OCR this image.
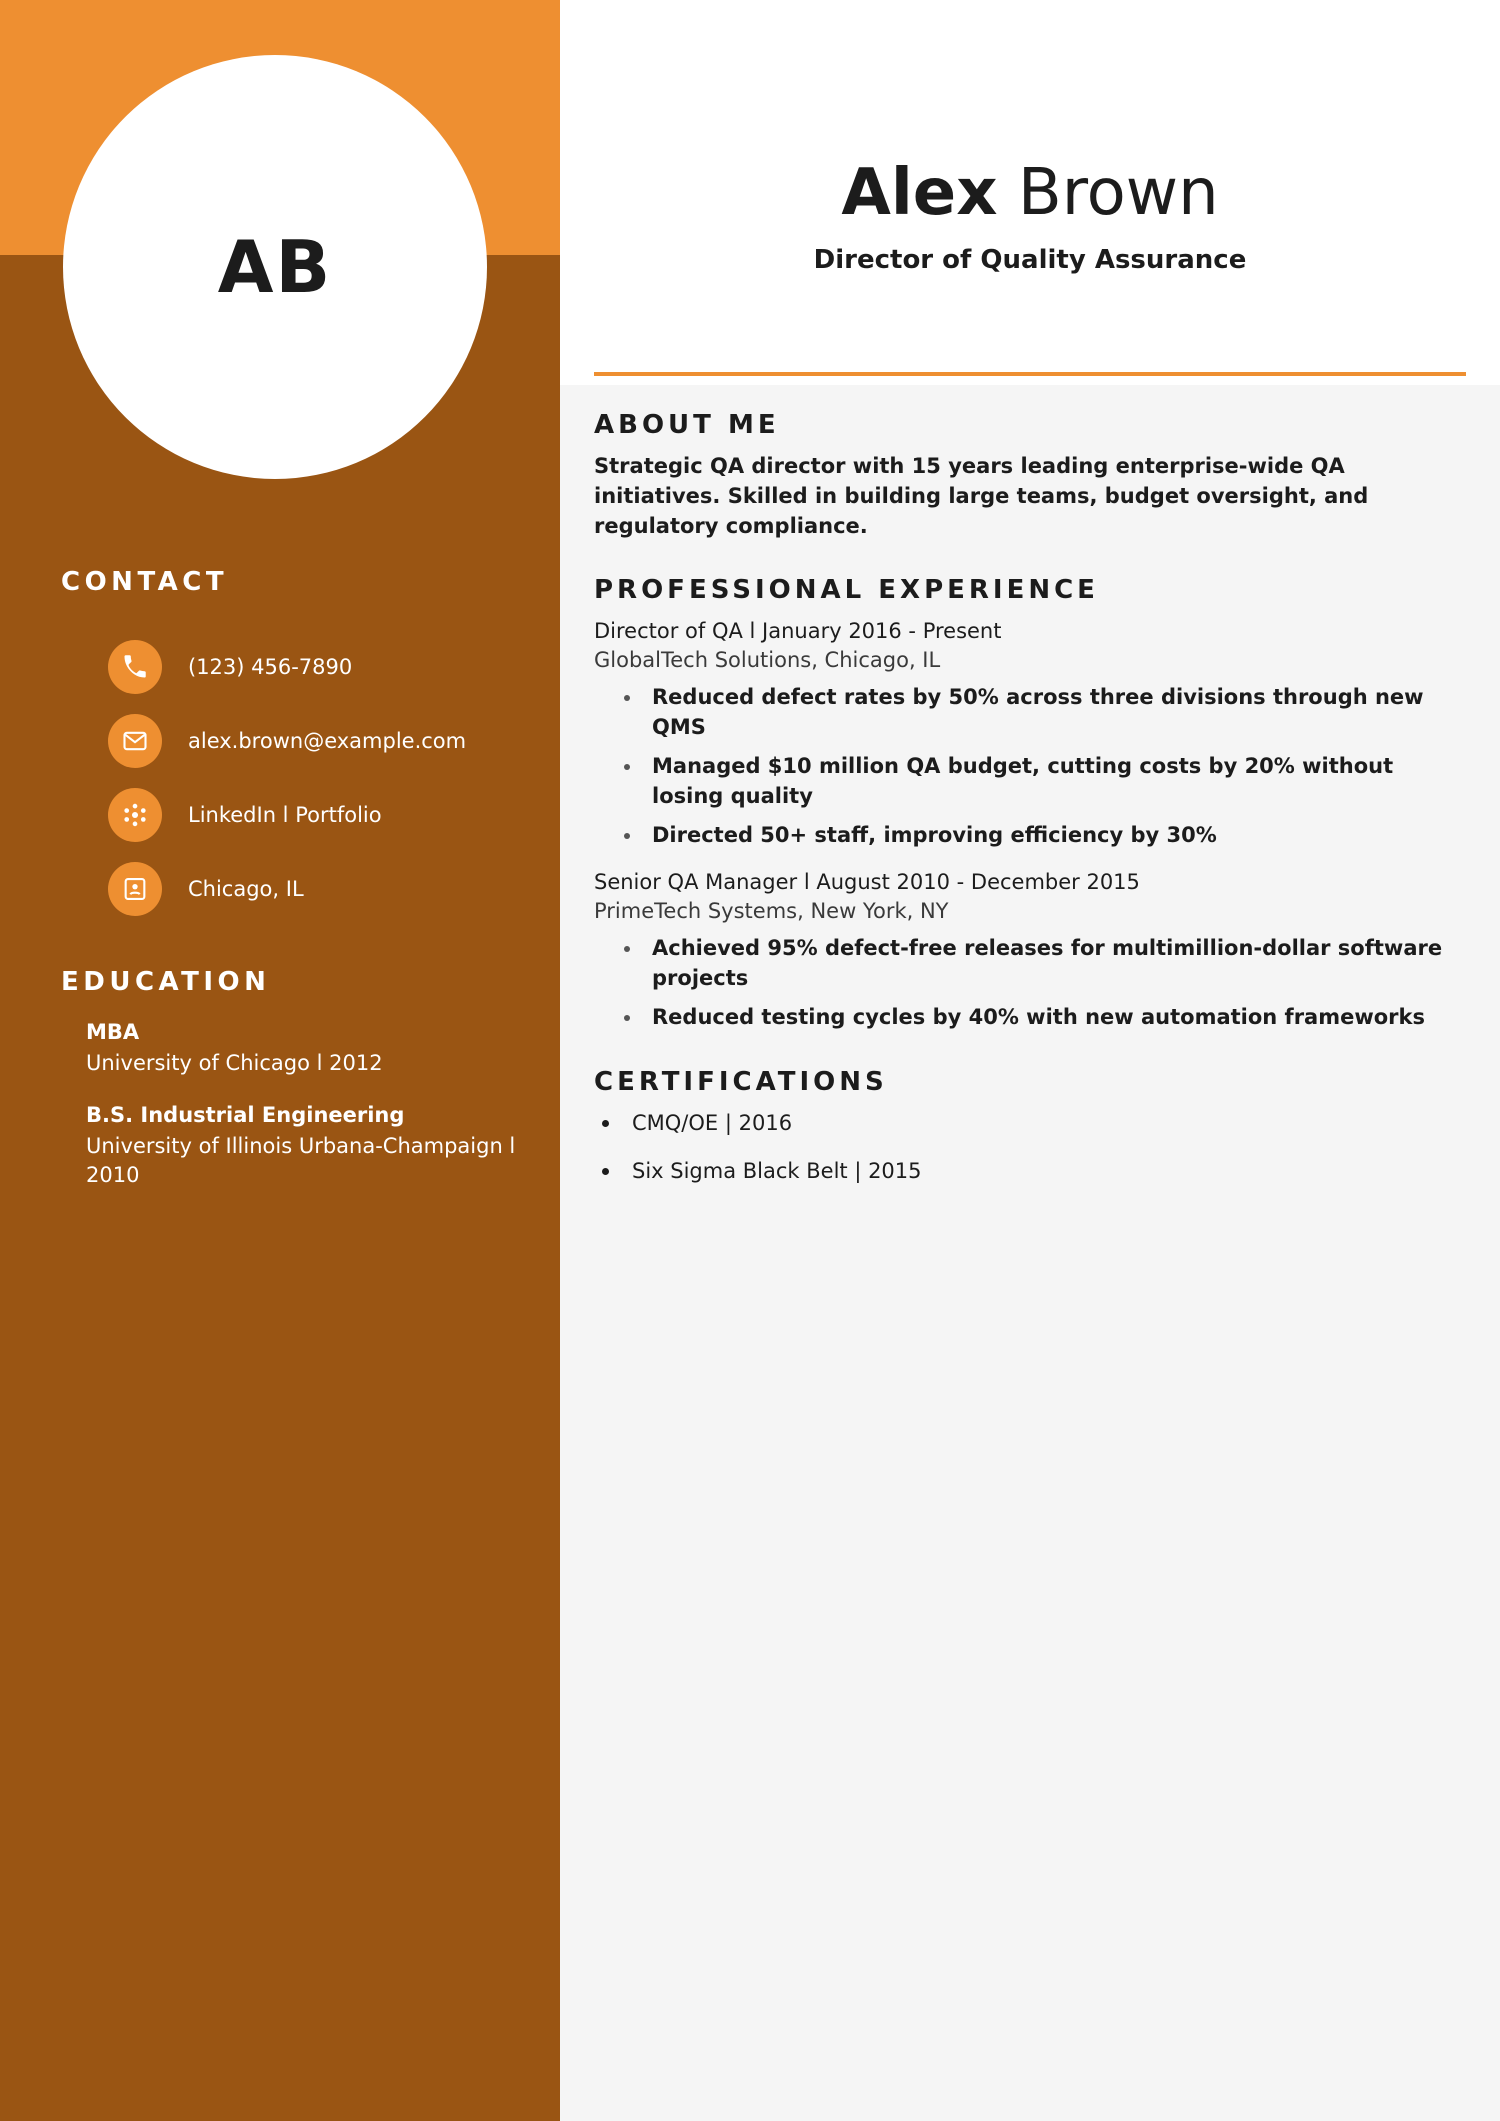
AB
CONTACT
(123) 456-7890
alex.brown@example.com
LinkedIn l Portfolio
Chicago, IL
EDUCATION
MBA
University of Chicago l 2012
B.S. Industrial Engineering
University of Illinois Urbana-Champaign l 2010
Alex Brown
Director of Quality Assurance
ABOUT ME
Strategic QA director with 15 years leading enterprise-wide QA initiatives. Skilled in building large teams, budget oversight, and regulatory compliance.
PROFESSIONAL EXPERIENCE
Director of QA l January 2016 - Present
GlobalTech Solutions, Chicago, IL
Reduced defect rates by 50% across three divisions through new QMS
Managed $10 million QA budget, cutting costs by 20% without losing quality
Directed 50+ staff, improving efficiency by 30%
Senior QA Manager l August 2010 - December 2015
PrimeTech Systems, New York, NY
Achieved 95% defect-free releases for multimillion-dollar software projects
Reduced testing cycles by 40% with new automation frameworks
CERTIFICATIONS
CMQ/OE | 2016
Six Sigma Black Belt | 2015
